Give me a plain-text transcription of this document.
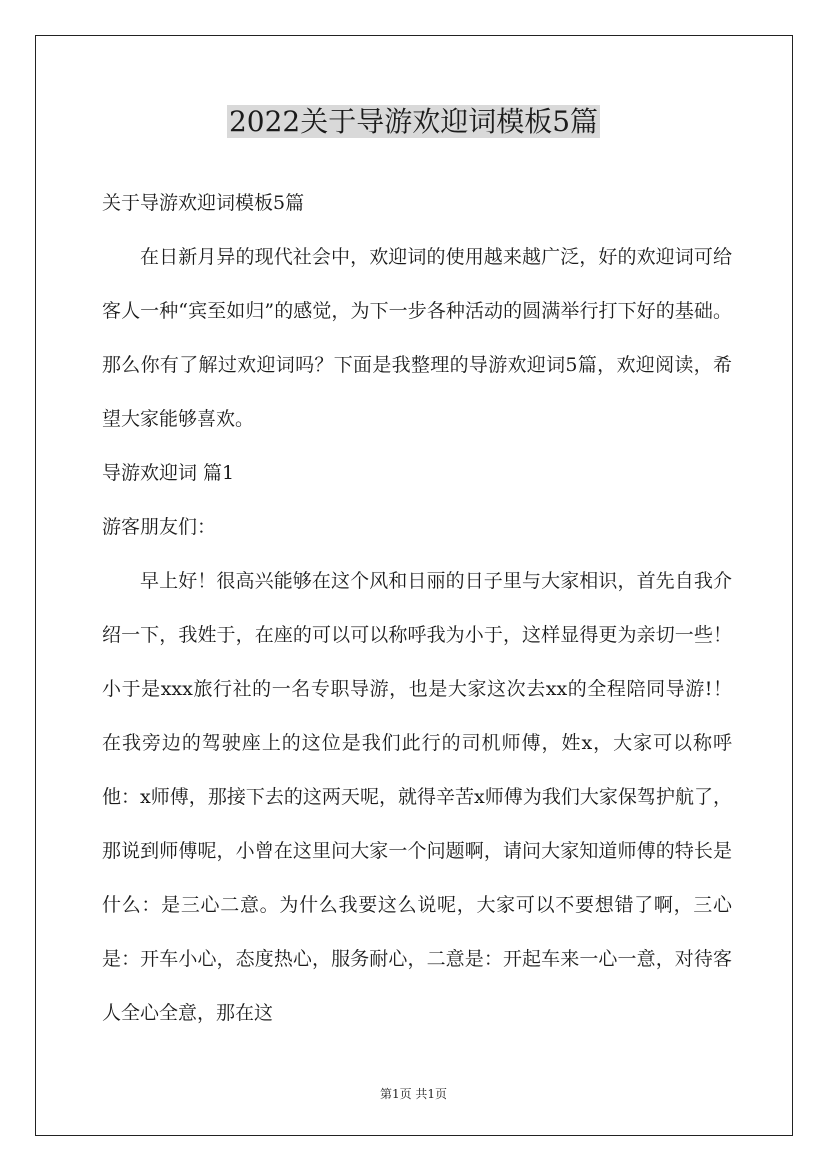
2022关于导游欢迎词模板5篇

关于导游欢迎词模板5篇

在日新月异的现代社会中，欢迎词的使用越来越广泛，好的欢迎词可给客人一种“宾至如归”的感觉，为下一步各种活动的圆满举行打下好的基础。那么你有了解过欢迎词吗？下面是我整理的导游欢迎词5篇，欢迎阅读，希望大家能够喜欢。

导游欢迎词 篇1

游客朋友们：

早上好！很高兴能够在这个风和日丽的日子里与大家相识，首先自我介绍一下，我姓于，在座的可以可以称呼我为小于，这样显得更为亲切一些！小于是xxx旅行社的一名专职导游，也是大家这次去xx的全程陪同导游!！在我旁边的驾驶座上的这位是我们此行的司机师傅，姓x，大家可以称呼他：x师傅，那接下去的这两天呢，就得辛苦x师傅为我们大家保驾护航了， 那说到师傅呢，小曾在这里问大家一个问题啊，请问大家知道师傅的特长是什么：是三心二意。为什么我要这么说呢，大家可以不要想错了啊，三心是：开车小心，态度热心，服务耐心，二意是：开起车来一心一意，对待客人全心全意，那在这

第1页 共1页
